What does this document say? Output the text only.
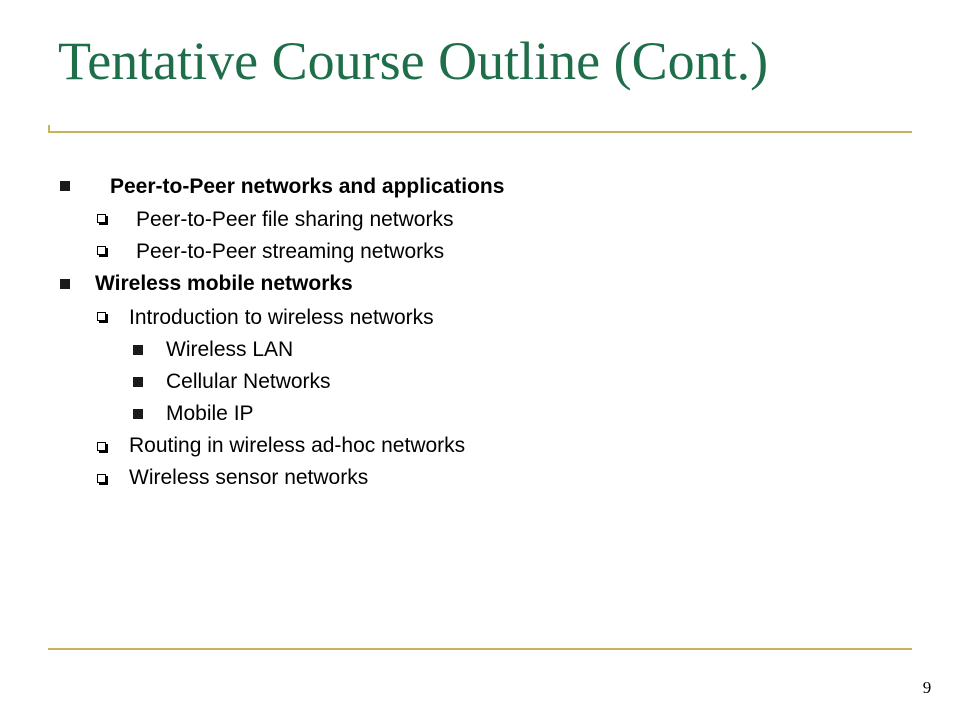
Tentative Course Outline (Cont.)
Peer-to-Peer networks and applications
Peer-to-Peer file sharing networks
Peer-to-Peer streaming networks
Wireless mobile networks
Introduction to wireless networks
Wireless LAN
Cellular Networks
Mobile IP
Routing in wireless ad-hoc networks
Wireless sensor networks
9
